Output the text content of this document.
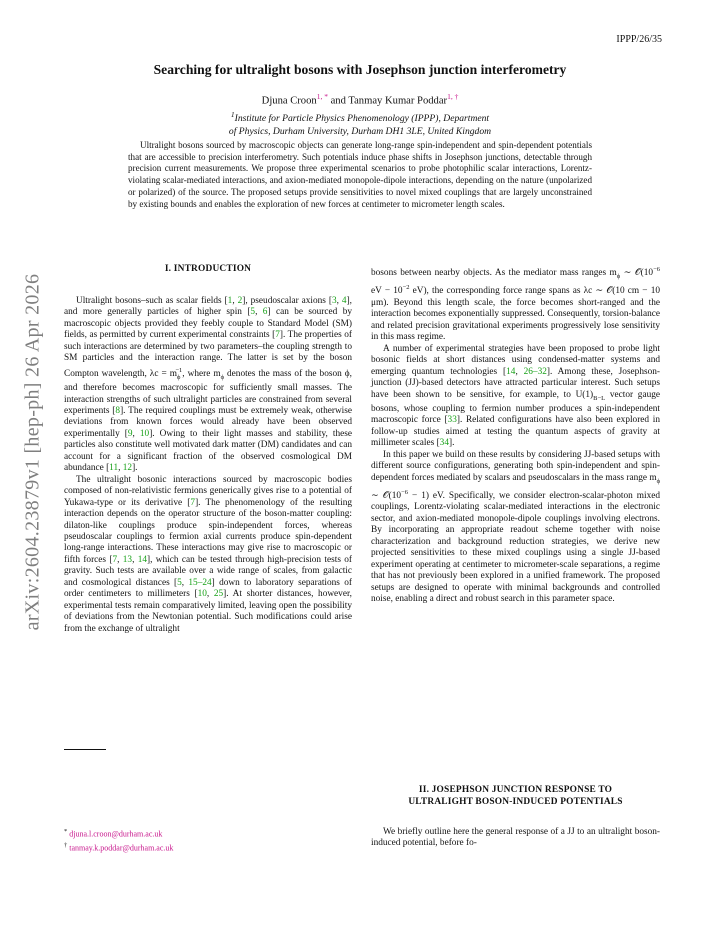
IPPP/26/35
Searching for ultralight bosons with Josephson junction interferometry
Djuna Croon$^{1, *}$ and Tanmay Kumar Poddar$^{1, \dagger}$
$^1$Institute for Particle Physics Phenomenology (IPPP), Department
of Physics, Durham University, Durham DH1 3LE, United Kingdom
Ultralight bosons sourced by macroscopic objects can generate long-range spin-independent and spin-dependent potentials that are accessible to precision interferometry. Such potentials induce phase shifts in Josephson junctions, detectable through precision current measurements. We propose three experimental scenarios to probe photophilic scalar interactions, Lorentz-violating scalar-mediated interactions, and axion-mediated monopole-dipole interactions, depending on the nature (unpolarized or polarized) of the source. The proposed setups provide sensitivities to novel mixed couplings that are largely unconstrained by existing bounds and enables the exploration of new forces at centimeter to micrometer length scales.
arXiv:2604.23879v1 [hep-ph] 26 Apr 2026
I. INTRODUCTION

Ultralight bosons–such as scalar fields [1, 2], pseudoscalar axions [3, 4], and more generally particles of higher spin [5, 6] can be sourced by macroscopic objects provided they feebly couple to Standard Model (SM) fields, as permitted by current experimental constraints [7]. The properties of such interactions are determined by two parameters–the coupling strength to SM particles and the interaction range. The latter is set by the boson Compton wavelength, $\lambda c = m_\phi^{-1}$, where $m_\phi$ denotes the mass of the boson ϕ, and therefore becomes macroscopic for sufficiently small masses. The interaction strengths of such ultralight particles are constrained from several experiments [8]. The required couplings must be extremely weak, otherwise deviations from known forces would already have been observed experimentally [9, 10]. Owing to their light masses and stability, these particles also constitute well motivated dark matter (DM) candidates and can account for a significant fraction of the observed cosmological DM abundance [11, 12].

The ultralight bosonic interactions sourced by macroscopic bodies composed of non-relativistic fermions generically gives rise to a potential of Yukawa-type or its derivative [7]. The phenomenology of the resulting interaction depends on the operator structure of the boson-matter coupling: dilaton-like couplings produce spin-independent forces, whereas pseudoscalar couplings to fermion axial currents produce spin-dependent long-range interactions. These interactions may give rise to macroscopic or fifth forces [7, 13, 14], which can be tested through high-precision tests of gravity. Such tests are available over a wide range of scales, from galactic and cosmological distances [5, 15–24] down to laboratory separations of order centimeters to millimeters [10, 25]. At shorter distances, however, experimental tests remain comparatively limited, leaving open the possibility of deviations from the Newtonian potential. Such modifications could arise from the exchange of ultralight

bosons between nearby objects. As the mediator mass ranges $m_\phi$ ∼ $𝒪(10^{-6}$ eV − $10^{-2}$ eV), the corresponding force range spans as λc ∼ 𝒪(10 cm − 10 μm). Beyond this length scale, the force becomes short-ranged and the interaction becomes exponentially suppressed. Consequently, torsion-balance and related precision gravitational experiments progressively lose sensitivity in this mass regime.

A number of experimental strategies have been proposed to probe light bosonic fields at short distances using condensed-matter systems and emerging quantum technologies [14, 26–32]. Among these, Josephson-junction (JJ)-based detectors have attracted particular interest. Such setups have been shown to be sensitive, for example, to $U(1)_{B-L}$ vector gauge bosons, whose coupling to fermion number produces a spin-independent macroscopic force [33]. Related configurations have also been explored in follow-up studies aimed at testing the quantum aspects of gravity at millimeter scales [34].

In this paper we build on these results by considering JJ-based setups with different source configurations, generating both spin-independent and spin-dependent forces mediated by scalars and pseudoscalars in the mass range $m_\phi$ ∼ $𝒪(10^{-6} - 1)$ eV. Specifically, we consider electron-scalar-photon mixed couplings, Lorentz-violating scalar-mediated interactions in the electronic sector, and axion-mediated monopole-dipole couplings involving electrons. By incorporating an appropriate readout scheme together with noise characterization and background reduction strategies, we derive new projected sensitivities to these mixed couplings using a single JJ-based experiment operating at centimeter to micrometer-scale separations, a regime that has not previously been explored in a unified framework. The proposed setups are designed to operate with minimal backgrounds and controlled noise, enabling a direct and robust search in this parameter space.

II. JOSEPHSON JUNCTION RESPONSE TO
ULTRALIGHT BOSON-INDUCED POTENTIALS

We briefly outline here the general response of a JJ to an ultralight boson-induced potential, before fo-

* djuna.l.croon@durham.ac.uk
† tanmay.k.poddar@durham.ac.uk
